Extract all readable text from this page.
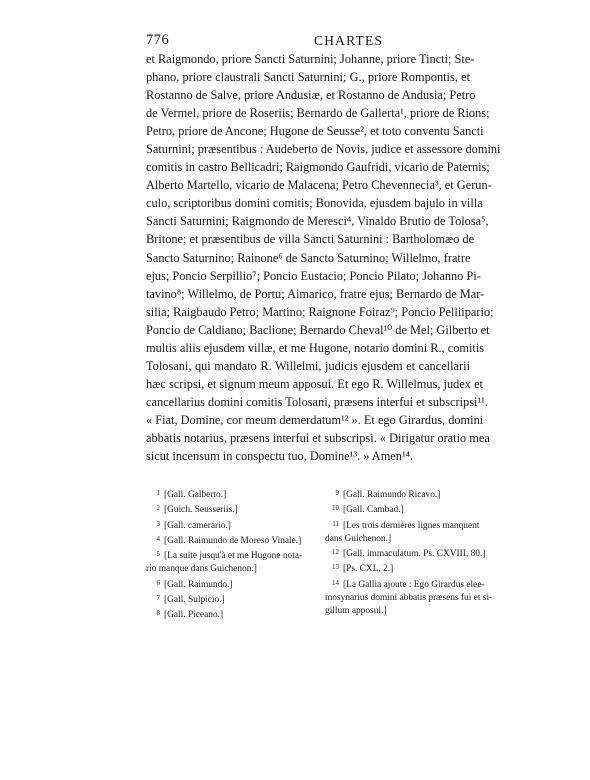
776	CHARTES
et Raigmondo, priore Sancti Saturnini; Johanne, priore Tincti; Ste-
phano, priore claustrali Sancti Saturnini; G., priore Rompontis, et
Rostanno de Salve, priore Andusiæ, et Rostanno de Andusia; Petro
de Vermel, priore de Roseriis; Bernardo de Gallerta¹, priore de Rions;
Petro, priore de Ancone; Hugone de Seusse², et toto conventu Sancti
Saturnini; præsentibus : Audeberto de Novis, judice et assessore domini
comitis in castro Bellicadri; Raigmondo Gaufridi, vicario de Paternis;
Alberto Martello, vicario de Malacena; Petro Chevennecia³, et Gerun-
culo, scriptoribus domini comitis; Bonovida, ejusdem bajulo in villa
Sancti Saturnini; Raigmondo de Meresci⁴, Vinaldo Brutio de Tolosa⁵,
Britone; et præsentibus de villa Sancti Saturnini : Bartholomæo de
Sancto Saturnino; Rainone⁶ de Sancto Saturnino; Willelmo, fratre
ejus; Poncio Serpillio⁷; Poncio Eustacio; Poncio Pilato; Johanno Pi-
tavino⁸; Willelmo, de Portu; Aimarico, fratre ejus; Bernardo de Mar-
silia; Raigbaudo Petro; Martino; Raignone Foiraz⁹; Poncio Pelliipario;
Poncio de Caldiano; Baclione; Bernardo Cheval¹⁰ de Mel; Gilberto et
multis aliis ejusdem villæ, et me Hugone, notario domini R., comitis
Tolosani, qui mandato R. Willelmi, judicis ejusdem et cancellarii
hæc scripsi, et signum meum apposui. Et ego R. Willelmus, judex et
cancellarius domini comitis Tolosani, præsens interfui et subscripsi¹¹.
« Fiat, Domine, cor meum demerdatum¹² ». Et ego Girardus, domini
abbatis notarius, præsens interfui et subscripsi. « Dirigatur oratio mea
sicut incensum in conspectu tuo, Domine¹³. » Amen¹⁴.
1 [Gall. Galberto.]
2 [Guich. Seusseriis.]
3 [Gall. camerario.]
4 [Gall. Raimundo de Moreso Vinale.]
5 [La suite jusqu'à et me Hugone nota-
rio manque dans Guichenon.]
6 [Gall. Raimundo.]
7 [Gall. Sulpicio.]
8 [Gall. Piceano.]
9 [Gall. Raimundo Ricavo.]
10 [Gall. Cambad.]
11 [Les trois dernières lignes manquent
dans Guichenon.]
12 [Gall. immaculatum. Ps. CXVIII, 80.]
13 [Ps. CXL, 2.]
14 [La Gallia ajoute : Ego Girardus elee-
mosynarius domini abbatis præsens fui et si-
gillum apposui.]
